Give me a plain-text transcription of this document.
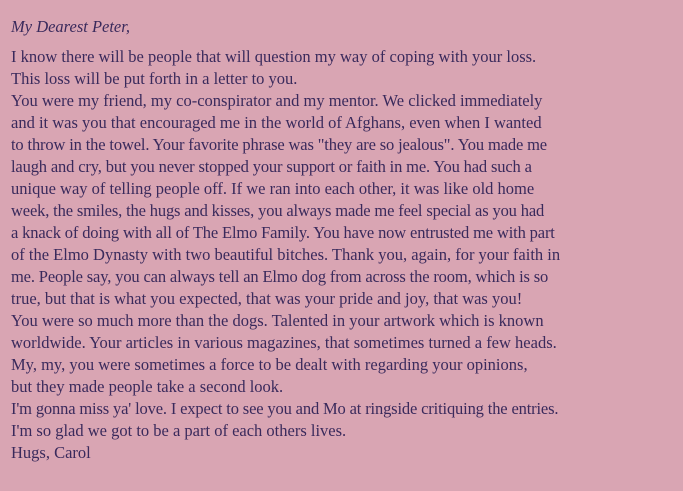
My Dearest Peter,
I know there will be people that will question my way of coping with your loss.
This loss will be put forth in a letter to you.
You were my friend, my co-conspirator and my mentor. We clicked immediately
and it was you that encouraged me in the world of Afghans, even when I wanted
to throw in the towel. Your favorite phrase was "they are so jealous". You made me
laugh and cry, but you never stopped your support or faith in me. You had such a
unique way of telling people off. If we ran into each other, it was like old home
week, the smiles, the hugs and kisses, you always made me feel special as you had
a knack of doing with all of The Elmo Family. You have now entrusted me with part
of the Elmo Dynasty with two beautiful bitches. Thank you, again, for your faith in
me. People say, you can always tell an Elmo dog from across the room, which is so
true, but that is what you expected, that was your pride and joy, that was you!
You were so much more than the dogs. Talented in your artwork which is known
worldwide. Your articles in various magazines, that sometimes turned a few heads.
My, my, you were sometimes a force to be dealt with regarding your opinions,
but they made people take a second look.
I'm gonna miss ya' love. I expect to see you and Mo at ringside critiquing the entries.
I'm so glad we got to be a part of each others lives.
Hugs, Carol
